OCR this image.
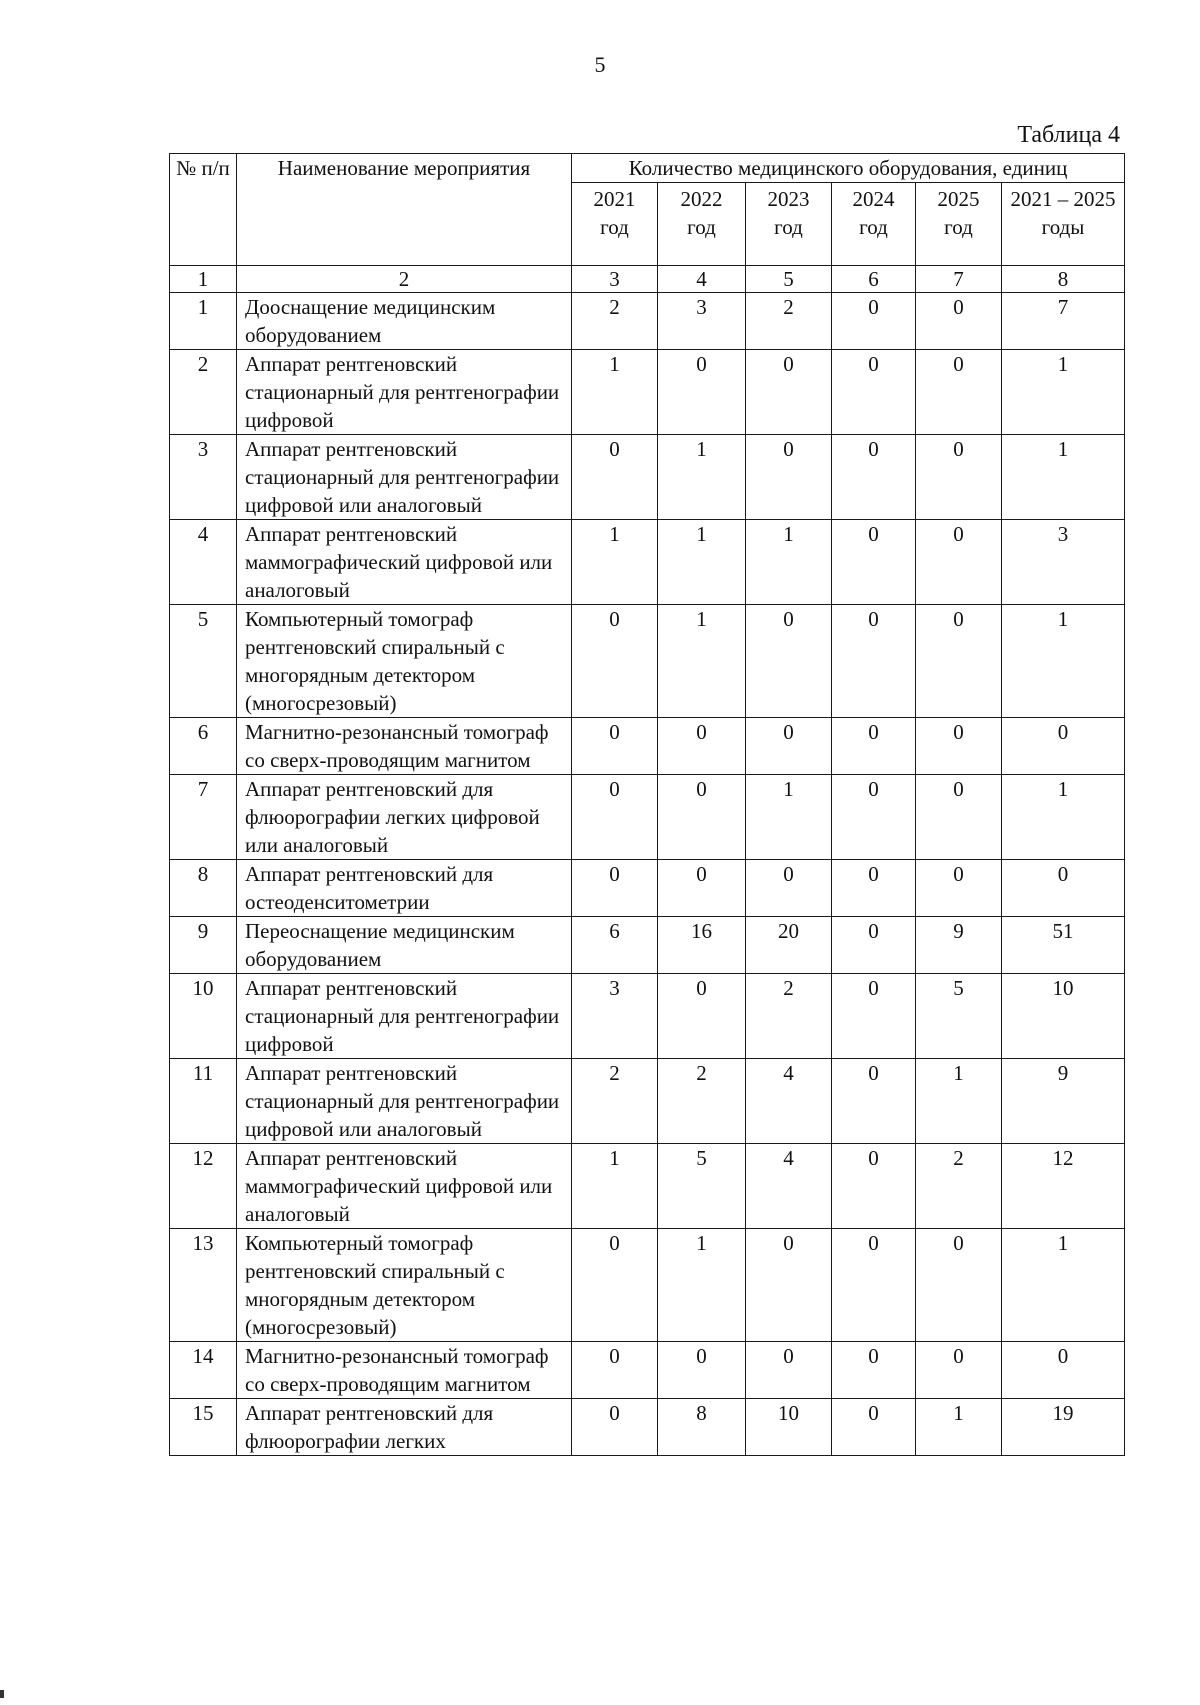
5
Таблица 4
№ п/п	Наименование мероприятия	Количество медицинского оборудования, единиц					
		2021 год	2022 год	2023 год	2024 год	2025 год	2021 – 2025 годы
1	2	3	4	5	6	7	8
1	Дооснащение медицинским оборудованием	2	3	2	0	0	7
2	Аппарат рентгеновский стационарный для рентгенографии цифровой	1	0	0	0	0	1
3	Аппарат рентгеновский стационарный для рентгенографии цифровой или аналоговый	0	1	0	0	0	1
4	Аппарат рентгеновский маммографический цифровой или аналоговый	1	1	1	0	0	3
5	Компьютерный томограф рентгеновский спиральный с многорядным детектором (многосрезовый)	0	1	0	0	0	1
6	Магнитно-резонансный томограф со сверх-проводящим магнитом	0	0	0	0	0	0
7	Аппарат рентгеновский для флюорографии легких цифровой или аналоговый	0	0	1	0	0	1
8	Аппарат рентгеновский для остеоденситометрии	0	0	0	0	0	0
9	Переоснащение медицинским оборудованием	6	16	20	0	9	51
10	Аппарат рентгеновский стационарный для рентгенографии цифровой	3	0	2	0	5	10
11	Аппарат рентгеновский стационарный для рентгенографии цифровой или аналоговый	2	2	4	0	1	9
12	Аппарат рентгеновский маммографический цифровой или аналоговый	1	5	4	0	2	12
13	Компьютерный томограф рентгеновский спиральный с многорядным детектором (многосрезовый)	0	1	0	0	0	1
14	Магнитно-резонансный томограф со сверх-проводящим магнитом	0	0	0	0	0	0
15	Аппарат рентгеновский для флюорографии легких	0	8	10	0	1	19
